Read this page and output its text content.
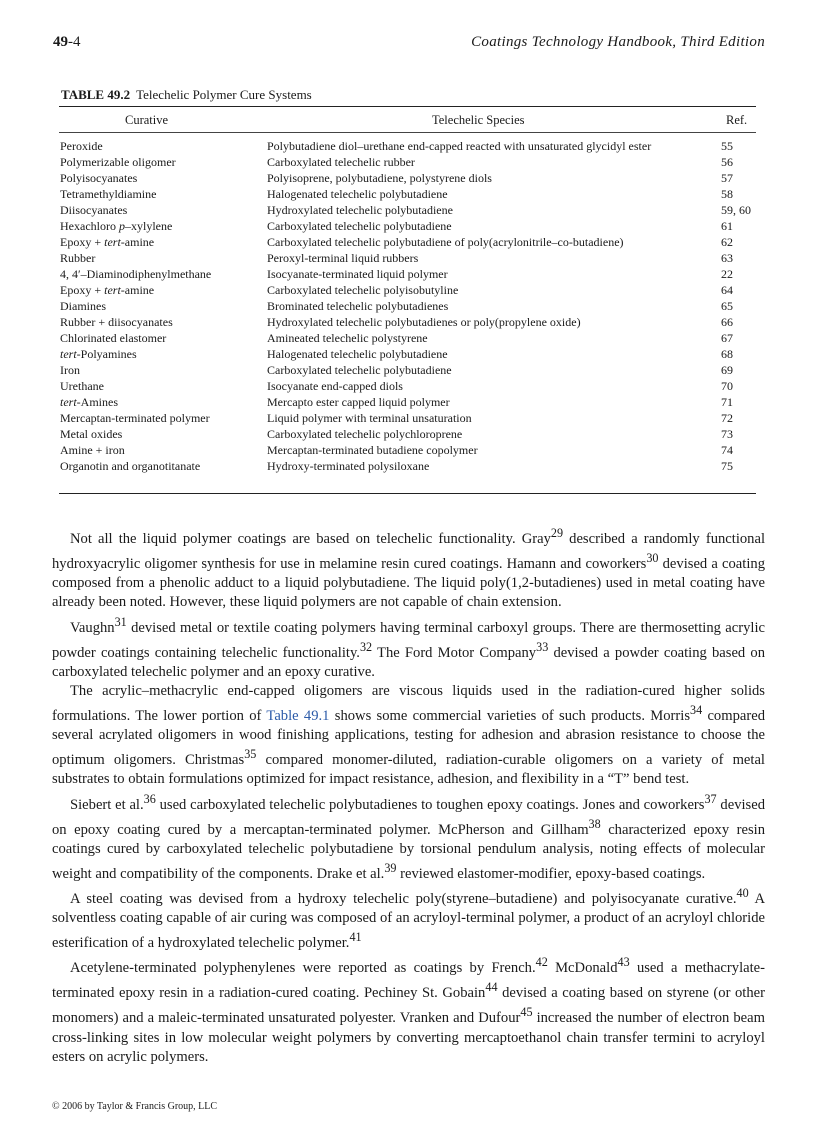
49-4	Coatings Technology Handbook, Third Edition
TABLE 49.2 Telechelic Polymer Cure Systems
Curative	Telechelic Species	Ref.
Peroxide	Polybutadiene diol–urethane end-capped reacted with unsaturated glycidyl ester	55
Polymerizable oligomer	Carboxylated telechelic rubber	56
Polyisocyanates	Polyisoprene, polybutadiene, polystyrene diols	57
Tetramethyldiamine	Halogenated telechelic polybutadiene	58
Diisocyanates	Hydroxylated telechelic polybutadiene	59, 60
Hexachloro p–xylylene	Carboxylated telechelic polybutadiene	61
Epoxy + tert-amine	Carboxylated telechelic polybutadiene of poly(acrylonitrile–co-butadiene)	62
Rubber	Peroxyl-terminal liquid rubbers	63
4, 4′–Diaminodiphenylmethane	Isocyanate-terminated liquid polymer	22
Epoxy + tert-amine	Carboxylated telechelic polyisobutyline	64
Diamines	Brominated telechelic polybutadienes	65
Rubber + diisocyanates	Hydroxylated telechelic polybutadienes or poly(propylene oxide)	66
Chlorinated elastomer	Amineated telechelic polystyrene	67
tert-Polyamines	Halogenated telechelic polybutadiene	68
Iron	Carboxylated telechelic polybutadiene	69
Urethane	Isocyanate end-capped diols	70
tert-Amines	Mercapto ester capped liquid polymer	71
Mercaptan-terminated polymer	Liquid polymer with terminal unsaturation	72
Metal oxides	Carboxylated telechelic polychloroprene	73
Amine + iron	Mercaptan-terminated butadiene copolymer	74
Organotin and organotitanate	Hydroxy-terminated polysiloxane	75

Not all the liquid polymer coatings are based on telechelic functionality. Gray$^{29}$ described a randomly functional hydroxyacrylic oligomer synthesis for use in melamine resin cured coatings. Hamann and coworkers$^{30}$ devised a coating composed from a phenolic adduct to a liquid polybutadiene. The liquid poly(1,2-butadienes) used in metal coating have already been noted. However, these liquid polymers are not capable of chain extension.

Vaughn$^{31}$ devised metal or textile coating polymers having terminal carboxyl groups. There are thermosetting acrylic powder coatings containing telechelic functionality.$^{32}$ The Ford Motor Company$^{33}$ devised a powder coating based on carboxylated telechelic polymer and an epoxy curative.

The acrylic–methacrylic end-capped oligomers are viscous liquids used in the radiation-cured higher solids formulations. The lower portion of Table 49.1 shows some commercial varieties of such products. Morris$^{34}$ compared several acrylated oligomers in wood finishing applications, testing for adhesion and abrasion resistance to choose the optimum oligomers. Christmas$^{35}$ compared monomer-diluted, radiation-curable oligomers on a variety of metal substrates to obtain formulations optimized for impact resistance, adhesion, and flexibility in a “T” bend test.

Siebert et al.$^{36}$ used carboxylated telechelic polybutadienes to toughen epoxy coatings. Jones and coworkers$^{37}$ devised on epoxy coating cured by a mercaptan-terminated polymer. McPherson and Gillham$^{38}$ characterized epoxy resin coatings cured by carboxylated telechelic polybutadiene by torsional pendulum analysis, noting effects of molecular weight and compatibility of the components. Drake et al.$^{39}$ reviewed elastomer-modifier, epoxy-based coatings.

A steel coating was devised from a hydroxy telechelic poly(styrene–butadiene) and polyisocyanate curative.$^{40}$ A solventless coating capable of air curing was composed of an acryloyl-terminal polymer, a product of an acryloyl chloride esterification of a hydroxylated telechelic polymer.$^{41}$

Acetylene-terminated polyphenylenes were reported as coatings by French.$^{42}$ McDonald$^{43}$ used a methacrylate-terminated epoxy resin in a radiation-cured coating. Pechiney St. Gobain$^{44}$ devised a coating based on styrene (or other monomers) and a maleic-terminated unsaturated polyester. Vranken and Dufour$^{45}$ increased the number of electron beam cross-linking sites in low molecular weight polymers by converting mercaptoethanol chain transfer termini to acryloyl esters on acrylic polymers.

© 2006 by Taylor & Francis Group, LLC
